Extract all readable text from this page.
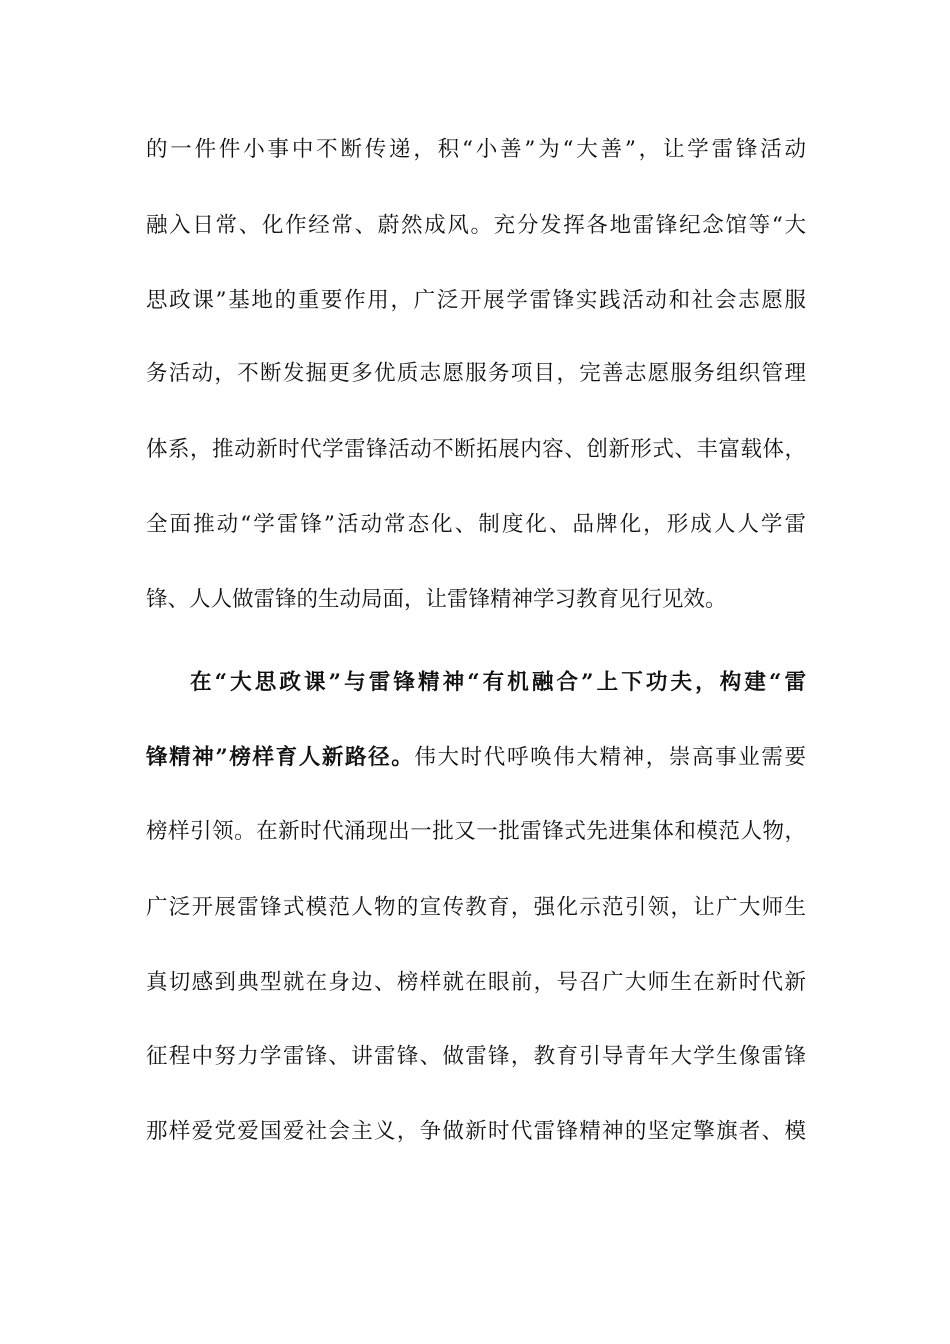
的一件件小事中不断传递，积“小善”为“大善”，让学雷锋活动
融入日常、化作经常、蔚然成风。充分发挥各地雷锋纪念馆等“大
思政课”基地的重要作用，广泛开展学雷锋实践活动和社会志愿服
务活动，不断发掘更多优质志愿服务项目，完善志愿服务组织管理
体系，推动新时代学雷锋活动不断拓展内容、创新形式、丰富载体，
全面推动“学雷锋”活动常态化、制度化、品牌化，形成人人学雷
锋、人人做雷锋的生动局面，让雷锋精神学习教育见行见效。
在“大思政课”与雷锋精神“有机融合”上下功夫，构建“雷
锋精神”榜样育人新路径。伟大时代呼唤伟大精神，崇高事业需要
榜样引领。在新时代涌现出一批又一批雷锋式先进集体和模范人物，
广泛开展雷锋式模范人物的宣传教育，强化示范引领，让广大师生
真切感到典型就在身边、榜样就在眼前，号召广大师生在新时代新
征程中努力学雷锋、讲雷锋、做雷锋，教育引导青年大学生像雷锋
那样爱党爱国爱社会主义，争做新时代雷锋精神的坚定擎旗者、模
